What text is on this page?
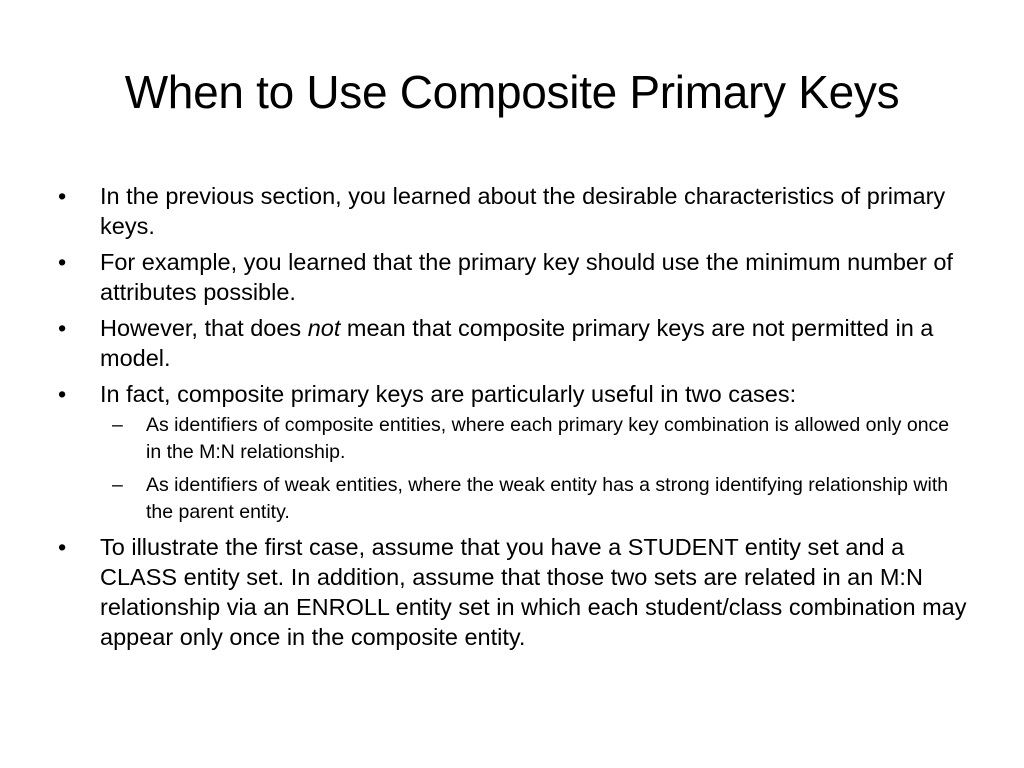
When to Use Composite Primary Keys
•	In the previous section, you learned about the desirable characteristics of primary keys.
•	For example, you learned that the primary key should use the minimum number of attributes possible.
•	However, that does not mean that composite primary keys are not permitted in a model.
•	In fact, composite primary keys are particularly useful in two cases:
–	As identifiers of composite entities, where each primary key combination is allowed only once in the M:N relationship.
–	As identifiers of weak entities, where the weak entity has a strong identifying relationship with the parent entity.
•	To illustrate the first case, assume that you have a STUDENT entity set and a CLASS entity set. In addition, assume that those two sets are related in an M:N relationship via an ENROLL entity set in which each student/class combination may appear only once in the composite entity.
